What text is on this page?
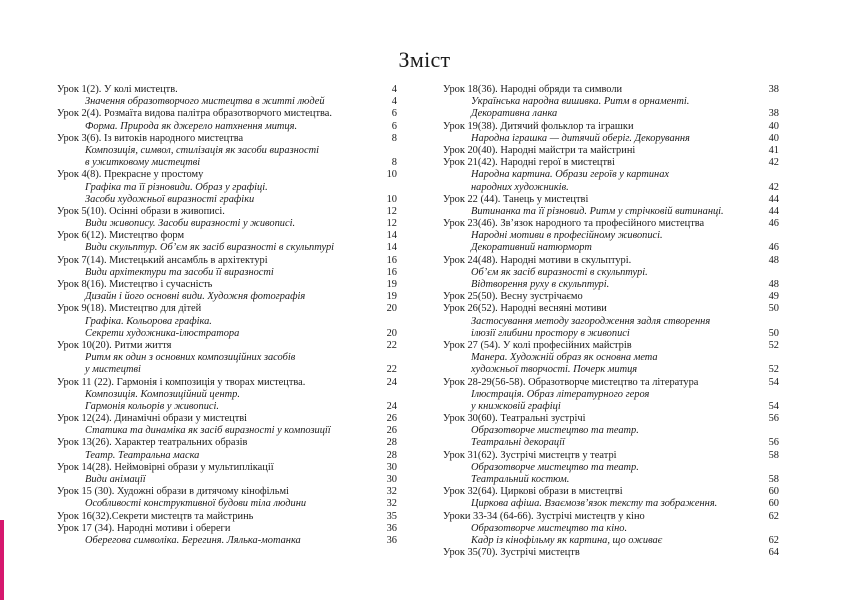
Зміст
Урок 1(2). У колі мистецтв.	4
Значення образотворчого мистецтва в житті людей	4
Урок 2(4). Розмаїта видова палітра образотворчого мистецтва.	6
Форма. Природа як джерело натхнення митця.	6
Урок 3(6). Із витоків народного мистецтва	8
Композиція, символ, стилізація як засоби виразності
в ужитковому мистецтві	8
Урок 4(8). Прекрасне у простому	10
Графіка та її різновиди. Образ у графіці.
Засоби художньої виразності графіки	10
Урок 5(10). Осінні образи в живописі.	12
Види живопису. Засоби виразності у живописі.	12
Урок 6(12). Мистецтво форм	14
Види скульптур. Об’єм як засіб виразності в скульптурі	14
Урок 7(14). Мистецький ансамбль в архітектурі	16
Види архітектури та засоби її виразності	16
Урок 8(16). Мистецтво і сучасність	19
Дизайн і його основні види. Художня фотографія	19
Урок 9(18). Мистецтво для дітей	20
Графіка. Кольорова графіка.
Секрети художника-ілюстратора	20
Урок 10(20). Ритми життя	22
Ритм як один з основних композиційних засобів
у мистецтві	22
Урок 11 (22). Гармонія і композиція у творах мистецтва.	24
Композиція. Композиційний центр.
Гармонія кольорів у живописі.	24
Урок 12(24). Динамічні образи у мистецтві	26
Статика та динаміка як засіб виразності у композиції	26
Урок 13(26). Характер театральних образів	28
Театр. Театральна маска	28
Урок 14(28). Неймовірні образи у мультиплікації	30
Види анімації	30
Урок 15 (30). Художні образи в дитячому кінофільмі	32
Особливості конструктивної будови тіла людини	32
Урок 16(32).Секрети мистецтв та майстринь	35
Урок 17 (34). Народні мотиви і обереги	36
Оберегова символіка. Берегиня. Лялька-мотанка	36
Урок 18(36). Народні обряди та символи	38
Українська народна вишивка. Ритм в орнаменті.
Декоративна ланка	38
Урок 19(38). Дитячий фольклор та іграшки	40
Народна іграшка — дитячий оберіг. Декорування	40
Урок 20(40). Народні майстри та майстрині	41
Урок 21(42). Народні герої в мистецтві	42
Народна картина. Образи героїв у картинах
народних художників.	42
Урок 22 (44). Танець у мистецтві	44
Витинанка та її різновид. Ритм у стрічковій витинанці.	44
Урок 23(46). Зв’язок народного та професійного мистецтва	46
Народні мотиви в професійному живописі.
Декоративний натюрморт	46
Урок 24(48). Народні мотиви в скульптурі.	48
Об’єм як засіб виразності в скульптурі.
Відтворення руху в скульптурі.	48
Урок 25(50). Весну зустрічаємо	49
Урок 26(52). Народні весняні мотиви	50
Застосування методу загородження задля створення
ілюзії глибини простору в живописі	50
Урок 27 (54). У колі професійних майстрів	52
Манера. Художній образ як основна мета
художньої творчості. Почерк митця	52
Урок 28-29(56-58). Образотворче мистецтво та література	54
Ілюстрація. Образ літературного героя
у книжковій графіці	54
Урок 30(60). Театральні зустрічі	56
Образотворче мистецтво та театр.
Театральні декорації	56
Урок 31(62). Зустрічі мистецтв у театрі	58
Образотворче мистецтво та театр.
Театральний костюм.	58
Урок 32(64). Циркові образи в мистецтві	60
Циркова афіша. Взаємозв’язок тексту та зображення.	60
Уроки 33-34 (64-66). Зустрічі мистецтв у кіно	62
Образотворче мистецтво та кіно.
Кадр із кінофільму як картина, що оживає	62
Урок 35(70). Зустрічі мистецтв	64
